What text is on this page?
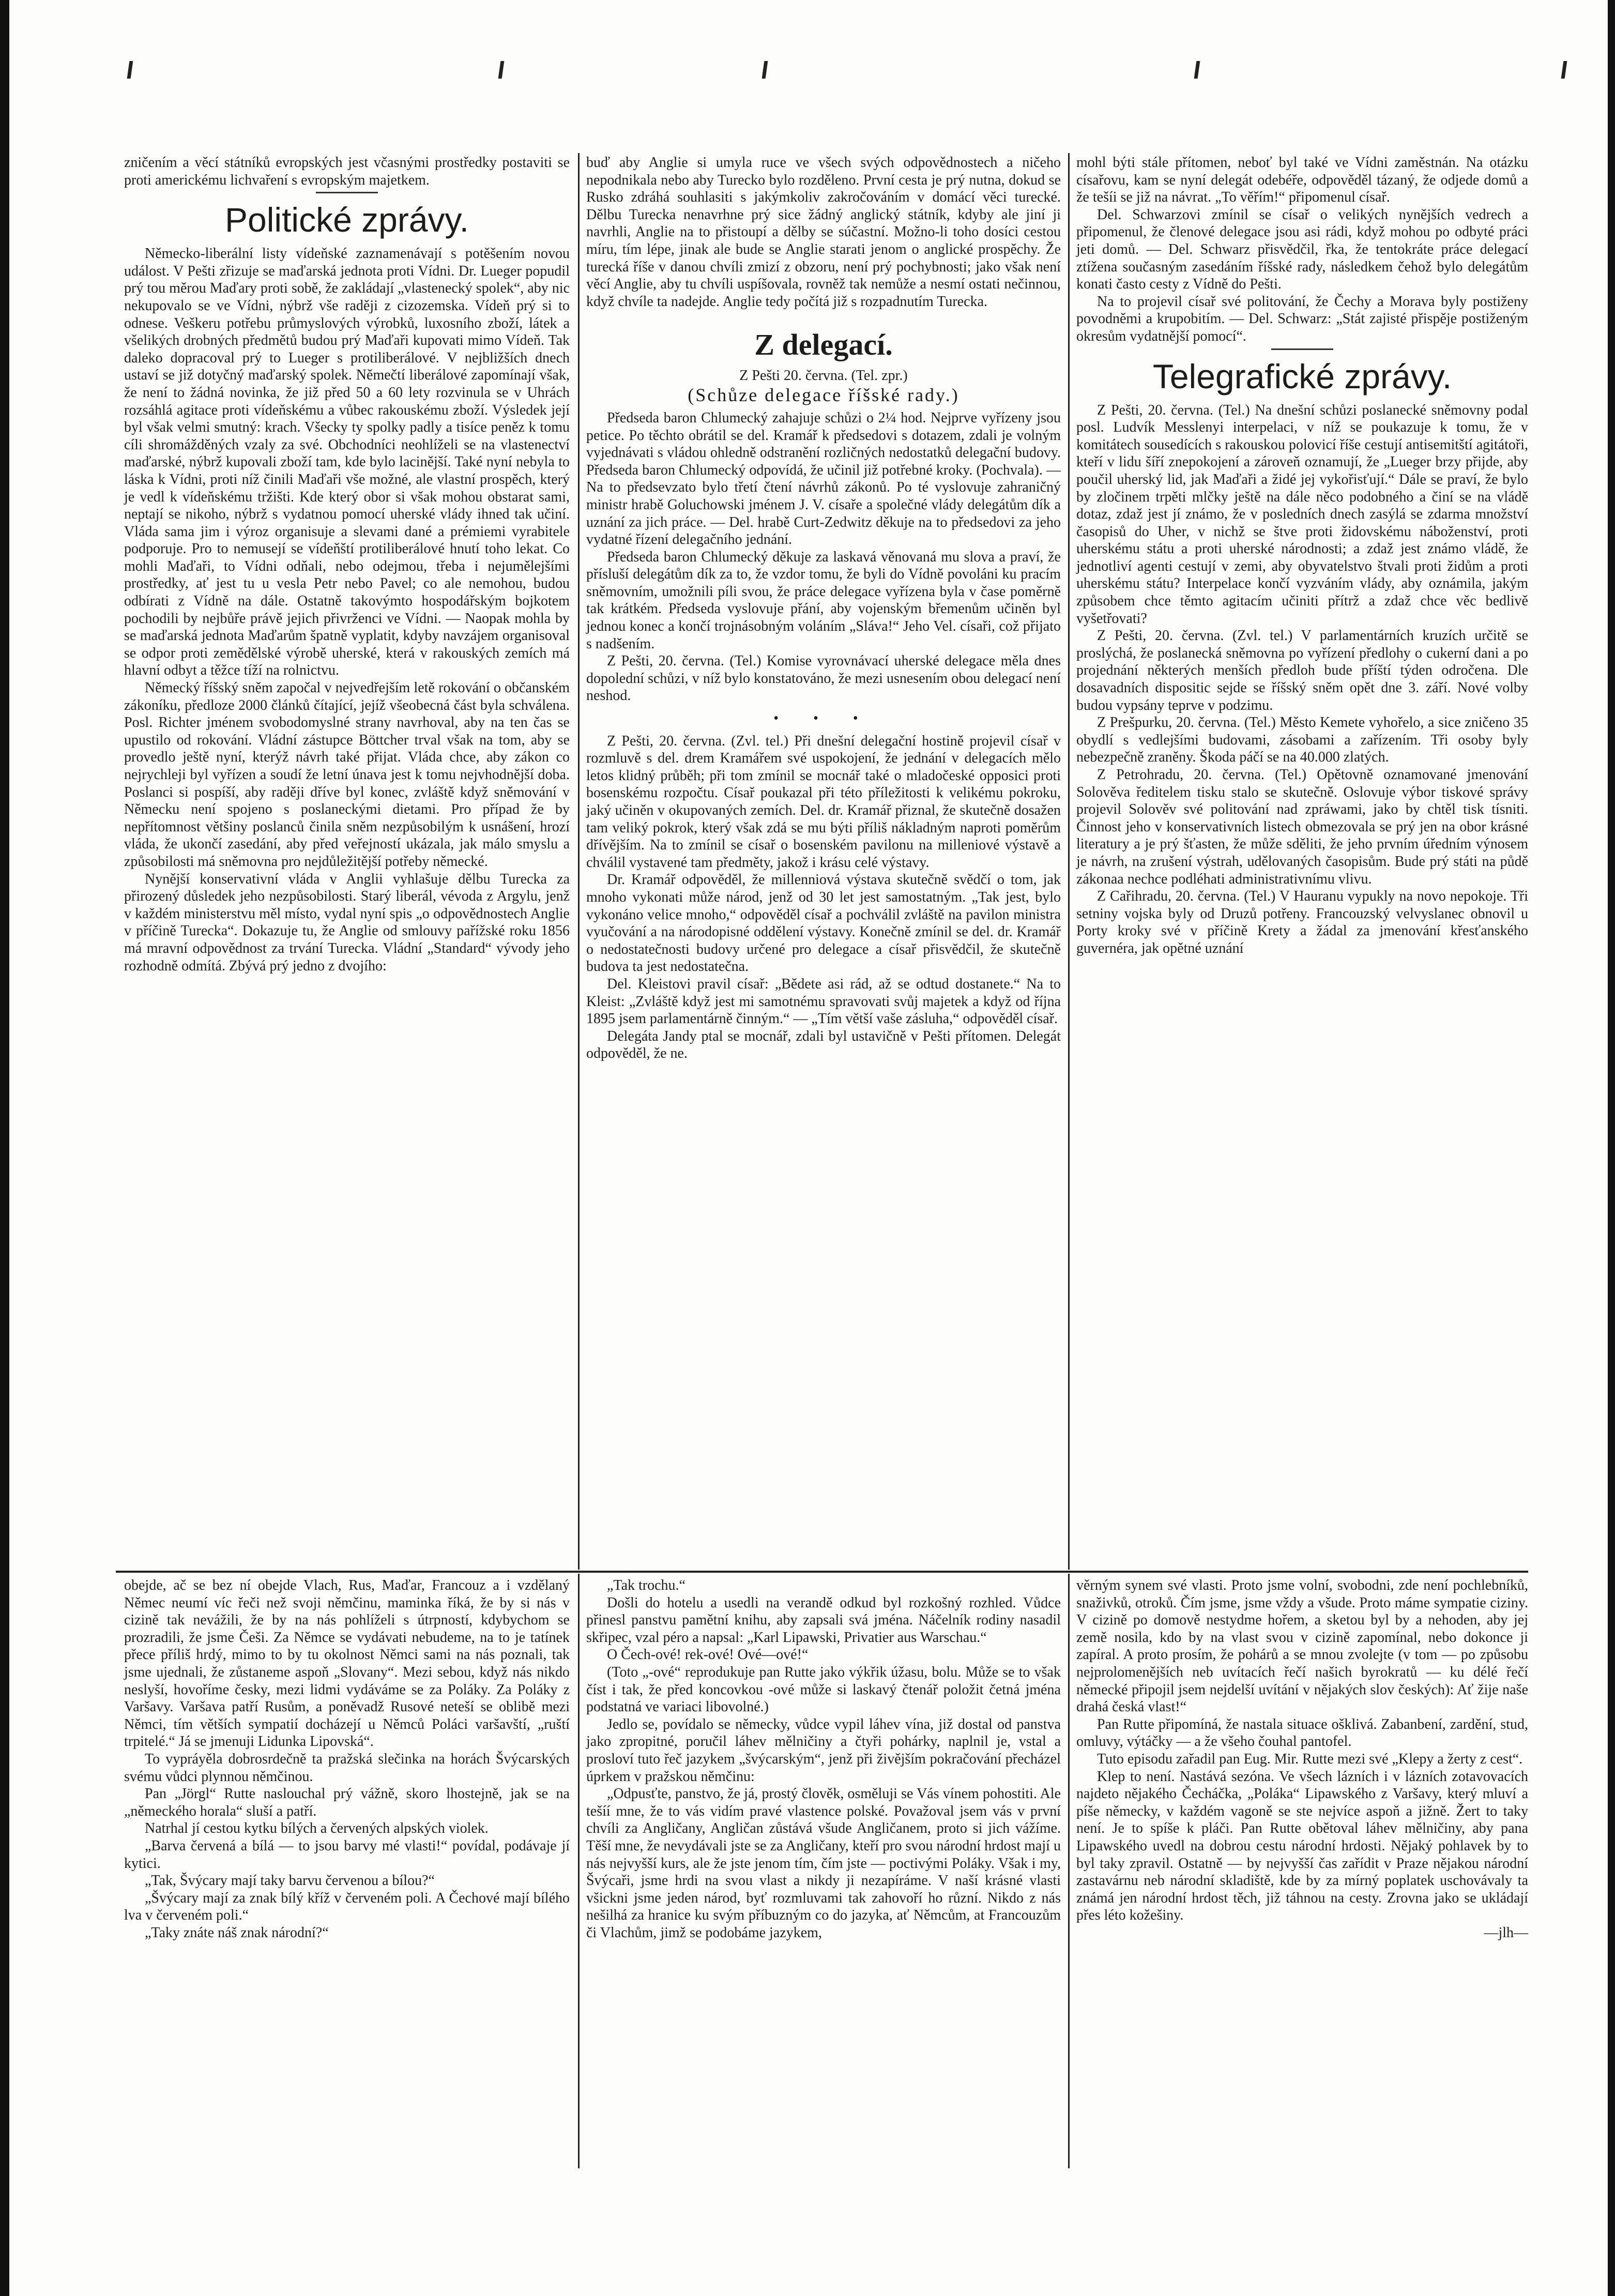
zničením a věcí státníků evropských jest včasnými prostředky postaviti se proti americkému lichvaření s evropským majetkem.

Politické zprávy.

Německo-liberální listy vídeňské zaznamenávají s potěšením novou událost. V Pešti zřizuje se maďarská jednota proti Vídni. Dr. Lueger popudil prý tou měrou Maďary proti sobě, že zakládají „vlastenecký spolek“, aby nic nekupovalo se ve Vídni, nýbrž vše raději z cizozemska. Vídeň prý si to odnese. Veškeru potřebu průmyslových výrobků, luxosního zboží, látek a všelikých drobných předmětů budou prý Maďaři kupovati mimo Vídeň. Tak daleko dopracoval prý to Lueger s protiliberálové. V nejbližších dnech ustaví se již dotyčný maďarský spolek. Němečtí liberálové zapomínají však, že není to žádná novinka, že již před 50 a 60 lety rozvinula se v Uhrách rozsáhlá agitace proti vídeňskému a vůbec rakouskému zboží. Výsledek její byl však velmi smutný: krach. Všecky ty spolky padly a tisíce peněz k tomu cíli shromážděných vzaly za své. Obchodníci neohlíželi se na vlastenectví maďarské, nýbrž kupovali zboží tam, kde bylo lacinější. Také nyní nebyla to láska k Vídni, proti níž činili Maďaři vše možné, ale vlastní prospěch, který je vedl k vídeňskému tržišti. Kde který obor si však mohou obstarat sami, neptají se nikoho, nýbrž s vydatnou pomocí uherské vlády ihned tak učiní. Vláda sama jim i výroz organisuje a slevami dané a prémiemi vyrabitele podporuje. Pro to nemusejí se vídeňští protiliberálové hnutí toho lekat. Co mohli Maďaři, to Vídni odňali, nebo odejmou, třeba i nejumělejšími prostředky, ať jest tu u vesla Petr nebo Pavel; co ale nemohou, budou odbírati z Vídně na dále. Ostatně takovýmto hospodářským bojkotem pochodili by nejbůře právě jejich přivrženci ve Vídni. — Naopak mohla by se maďarská jednota Maďarům špatně vyplatit, kdyby navzájem organisoval se odpor proti zemědělské výrobě uherské, která v rakouských zemích má hlavní odbyt a těžce tíží na rolnictvu.

Německý říšský sněm započal v nejvedřejším letě rokování o občanském zákoníku, předloze 2000 článků čítající, jejíž všeobecná část byla schválena. Posl. Richter jménem svobodomyslné strany navrhoval, aby na ten čas se upustilo od rokování. Vládní zástupce Böttcher trval však na tom, aby se provedlo ještě nyní, kterýž návrh také přijat. Vláda chce, aby zákon co nejrychleji byl vyřízen a soudí že letní únava jest k tomu nejvhodnější doba. Poslanci si pospíší, aby raději dříve byl konec, zvláště když sněmování v Německu není spojeno s poslaneckými dietami. Pro případ že by nepřítomnost většiny poslanců činila sněm nezpůsobilým k usnášení, hrozí vláda, že ukončí zasedání, aby před veřejností ukázala, jak málo smyslu a způsobilosti má sněmovna pro nejdůležitější potřeby německé.

Nynější konservativní vláda v Anglii vyhlašuje dělbu Turecka za přirozený důsledek jeho nezpůsobilosti. Starý liberál, vévoda z Argylu, jenž v každém ministerstvu měl místo, vydal nyní spis „o odpovědnostech Anglie v příčině Turecka“. Dokazuje tu, že Anglie od smlouvy pařížské roku 1856 má mravní odpovědnost za trvání Turecka. Vládní „Standard“ vývody jeho rozhodně odmítá. Zbývá prý jedno z dvojího:

buď aby Anglie si umyla ruce ve všech svých odpovědnostech a ničeho nepodnikala nebo aby Turecko bylo rozděleno. První cesta je prý nutna, dokud se Rusko zdráhá souhlasiti s jakýmkoliv zakročováním v domácí věci turecké. Dělbu Turecka nenavrhne prý sice žádný anglický státník, kdyby ale jiní ji navrhli, Anglie na to přistoupí a dělby se súčastní. Možno-li toho dosíci cestou míru, tím lépe, jinak ale bude se Anglie starati jenom o anglické prospěchy. Že turecká říše v danou chvíli zmizí z obzoru, není prý pochybnosti; jako však není věcí Anglie, aby tu chvíli uspíšovala, rovněž tak nemůže a nesmí ostati nečinnou, když chvíle ta nadejde. Anglie tedy počítá již s rozpadnutím Turecka.

Z delegací.

Z Pešti 20. června. (Tel. zpr.)

(Schůze delegace říšské rady.)

Předseda baron Chlumecký zahajuje schůzi o 2¼ hod. Nejprve vyřízeny jsou petice. Po těchto obrátil se del. Kramář k předsedovi s dotazem, zdali je volným vyjednávati s vládou ohledně odstranění rozličných nedostatků delegační budovy. Předseda baron Chlumecký odpovídá, že učinil již potřebné kroky. (Pochvala). — Na to předsevzato bylo třetí čtení návrhů zákonů. Po té vyslovuje zahraničný ministr hrabě Goluchowski jménem J. V. císaře a společné vlády delegátům dík a uznání za jich práce. — Del. hrabě Curt-Zedwitz děkuje na to předsedovi za jeho vydatné řízení delegačního jednání.

Předseda baron Chlumecký děkuje za laskavá věnovaná mu slova a praví, že přísluší delegátům dík za to, že vzdor tomu, že byli do Vídně povoláni ku pracím sněmovním, umožnili píli svou, že práce delegace vyřízena byla v čase poměrně tak krátkém. Předseda vyslovuje přání, aby vojenským břemenům učiněn byl jednou konec a končí trojnásobným voláním „Sláva!“ Jeho Vel. císaři, což přijato s nadšením.

Z Pešti, 20. června. (Tel.) Komise vyrovnávací uherské delegace měla dnes dopolední schůzi, v níž bylo konstatováno, že mezi usnesením obou delegací není neshod.

• • •

Z Pešti, 20. června. (Zvl. tel.) Při dnešní delegační hostině projevil císař v rozmluvě s del. drem Kramářem své uspokojení, že jednání v delegacích mělo letos klidný průběh; při tom zmínil se mocnář také o mladočeské opposici proti bosenskému rozpočtu. Císař poukazal při této příležitosti k velikému pokroku, jaký učiněn v okupovaných zemích. Del. dr. Kramář přiznal, že skutečně dosažen tam veliký pokrok, který však zdá se mu býti příliš nákladným naproti poměrům dřívějším. Na to zmínil se císař o bosenském pavilonu na milleniové výstavě a chválil vystavené tam předměty, jakož i krásu celé výstavy.

Dr. Kramář odpověděl, že millenniová výstava skutečně svědčí o tom, jak mnoho vykonati může národ, jenž od 30 let jest samostatným. „Tak jest, bylo vykonáno velice mnoho,“ odpověděl císař a pochválil zvláště na pavilon ministra vyučování a na národopisné oddělení výstavy. Konečně zmínil se del. dr. Kramář o nedostatečnosti budovy určené pro delegace a císař přisvědčil, že skutečně budova ta jest nedostatečna.

Del. Kleistovi pravil císař: „Bědete asi rád, až se odtud dostanete.“ Na to Kleist: „Zvláště když jest mi samotnému spravovati svůj majetek a když od října 1895 jsem parlamentárně činným.“ — „Tím větší vaše zásluha,“ odpověděl císař.

Delegáta Jandy ptal se mocnář, zdali byl ustavičně v Pešti přítomen. Delegát odpověděl, že ne.

mohl býti stále přítomen, neboť byl také ve Vídni zaměstnán. Na otázku císařovu, kam se nyní delegát odebéře, odpověděl tázaný, že odjede domů a že tešíi se již na návrat. „To věřím!“ připomenul císař.

Del. Schwarzovi zmínil se císař o velikých nynějších vedrech a připomenul, že členové delegace jsou asi rádi, když mohou po odbyté práci jeti domů. — Del. Schwarz přisvědčil, řka, že tentokráte práce delegací ztížena současným zasedáním říšské rady, následkem čehož bylo delegátům konati často cesty z Vídně do Pešti.

Na to projevil císař své politování, že Čechy a Morava byly postiženy povodněmi a krupobitím. — Del. Schwarz: „Stát zajisté přispěje postiženým okresům vydatnější pomocí“.

Telegrafické zprávy.

Z Pešti, 20. června. (Tel.) Na dnešní schůzi poslanecké sněmovny podal posl. Ludvík Messlenyi interpelaci, v níž se poukazuje k tomu, že v komitátech sousedících s rakouskou polovicí říše cestují antisemitští agitátoři, kteří v lidu šíří znepokojení a zároveň oznamují, že „Lueger brzy přijde, aby poučil uherský lid, jak Maďaři a židé jej vykořisťují.“ Dále se praví, že bylo by zločinem trpěti mlčky ještě na dále něco podobného a činí se na vládě dotaz, zdaž jest jí známo, že v posledních dnech zasýlá se zdarma množství časopisů do Uher, v nichž se štve proti židovskému náboženství, proti uherskému státu a proti uherské národnosti; a zdaž jest známo vládě, že jednotliví agenti cestují v zemi, aby obyvatelstvo štvali proti židům a proti uherskému státu? Interpelace končí vyzváním vlády, aby oznámila, jakým způsobem chce těmto agitacím učiniti přítrž a zdaž chce věc bedlivě vyšetřovati?

Z Pešti, 20. června. (Zvl. tel.) V parlamentárních kruzích určitě se proslýchá, že poslanecká sněmovna po vyřízení předlohy o cukerní dani a po projednání některých menších předloh bude příští týden odročena. Dle dosavadních dispositic sejde se říšský sněm opět dne 3. září. Nové volby budou vypsány teprve v podzimu.

Z Prešpurku, 20. června. (Tel.) Město Kemete vyhořelo, a sice zničeno 35 obydlí s vedlejšími budovami, zásobami a zařízením. Tři osoby byly nebezpečně zraněny. Škoda páčí se na 40.000 zlatých.

Z Petrohradu, 20. června. (Tel.) Opětovně oznamované jmenování Solověva ředitelem tisku stalo se skutečně. Oslovuje výbor tiskové správy projevil Solověv své politování nad zpráwami, jako by chtěl tisk tísniti. Činnost jeho v konservativních listech obmezovala se prý jen na obor krásné literatury a je prý šťasten, že může sděliti, že jeho prvním úředním výnosem je návrh, na zrušení výstrah, udělovaných časopisům. Bude prý státi na půdě zákonaa nechce podléhati administrativnímu vlivu.

Z Cařihradu, 20. června. (Tel.) V Hauranu vypukly na novo nepokoje. Tři setniny vojska byly od Druzů potřeny. Francouzský velvyslanec obnovil u Porty kroky své v příčině Krety a žádal za jmenování křesťanského guvernéra, jak opětné uznání

obejde, ač se bez ní obejde Vlach, Rus, Maďar, Francouz a i vzdělaný Němec neumí víc řeči než svoji němčinu, maminka říká, že by si nás v cizině tak nevážili, že by na nás pohlíželi s útrpností, kdybychom se prozradili, že jsme Češi. Za Němce se vydávati nebudeme, na to je tatínek přece příliš hrdý, mimo to by tu okolnost Němci sami na nás poznali, tak jsme ujednali, že zůstaneme aspoň „Slovany“. Mezi sebou, když nás nikdo neslyší, hovoříme česky, mezi lidmi vydáváme se za Poláky. Za Poláky z Varšavy. Varšava patří Rusům, a poněvadž Rusové neteší se oblibě mezi Němci, tím větších sympatií docházejí u Němců Poláci varšavští, „ruští trpitelé.“ Já se jmenuji Lidunka Lipovská“.

To vypráyěla dobrosrdečně ta pražská slečinka na horách Švýcarských svému vůdci plynnou němčinou.

Pan „Jörgl“ Rutte naslouchal prý vážně, skoro lhostejně, jak se na „německého horala“ sluší a patří.

Natrhal jí cestou kytku bílých a červených alpských violek.

„Barva červená a bílá — to jsou barvy mé vlasti!“ povídal, podávaje jí kytici.

„Tak, Švýcary mají taky barvu červenou a bílou?“

„Švýcary mají za znak bílý kříž v červeném poli. A Čechové mají bílého lva v červeném poli.“

„Taky znáte náš znak národní?“

„Tak trochu.“

Došli do hotelu a usedli na verandě odkud byl rozkošný rozhled. Vůdce přinesl panstvu pamětní knihu, aby zapsali svá jména. Náčelník rodiny nasadil skřipec, vzal péro a napsal: „Karl Lipawski, Privatier aus Warschau.“

O Čech-ové! rek-ové! Ové—ové!“

(Toto „-ové“ reprodukuje pan Rutte jako výkřik úžasu, bolu. Může se to však číst i tak, že před koncovkou -ové může si laskavý čtenář položit četná jména podstatná ve variaci libovolné.)

Jedlo se, povídalo se německy, vůdce vypil láhev vína, již dostal od panstva jako zpropitné, poručil láhev mělničiny a čtyři pohárky, naplnil je, vstal a prosloví tuto řeč jazykem „švýcarským“, jenž při živějším pokračování přecházel úprkem v pražskou němčinu:

„Odpusťte, panstvo, že já, prostý člověk, osměluji se Vás vínem pohostiti. Ale tešíí mne, že to vás vidím pravé vlastence polské. Považoval jsem vás v první chvíli za Angličany, Angličan zůstává všude Angličanem, proto si jich vážíme. Těší mne, že nevydávali jste se za Angličany, kteří pro svou národní hrdost mají u nás nejvyšší kurs, ale že jste jenom tím, čím jste — poctivými Poláky. Však i my, Švýcaři, jsme hrdi na svou vlast a nikdy ji nezapíráme. V naší krásné vlasti všickni jsme jeden národ, byť rozmluvami tak zahovoří ho různí. Nikdo z nás nešilhá za hranice ku svým příbuzným co do jazyka, ať Němcům, at Francouzům či Vlachům, jimž se podobáme jazykem,

věrným synem své vlasti. Proto jsme volní, svobodni, zde není pochlebníků, snaživků, otroků. Čím jsme, jsme vždy a všude. Proto máme sympatie ciziny. V cizině po domově nestydme hořem, a sketou byl by a nehoden, aby jej země nosila, kdo by na vlast svou v cizině zapomínal, nebo dokonce ji zapíral. A proto prosím, že pohárů a se mnou zvolejte (v tom — po způsobu nejprolomenějších neb uvítacích řečí našich byrokratů — ku délé řečí německé připojil jsem nejdelší uvítání v nějakých slov českých): Ať žije naše drahá česká vlast!“

Pan Rutte připomíná, že nastala situace ošklivá. Zabanbení, zardění, stud, omluvy, výtáčky — a že všeho čouhal pantofel.

Tuto episodu zařadil pan Eug. Mir. Rutte mezi své „Klepy a žerty z cest“.

Klep to není. Nastává sezóna. Ve všech lázních i v lázních zotavovacích najdeto nějakého Čecháčka, „Poláka“ Lipawského z Varšavy, který mluví a píše německy, v každém vagoně se ste nejvíce aspoň a jižně. Žert to taky není. Je to spíše k pláči. Pan Rutte obětoval láhev mělničiny, aby pana Lipawského uvedl na dobrou cestu národní hrdosti. Nějaký pohlavek by to byl taky zpravil. Ostatně — by nejvyšší čas zařídit v Praze nějakou národní zastavárnu neb národní skladiště, kde by za mírný poplatek uschovávaly ta známá jen národní hrdost těch, již táhnou na cesty. Zrovna jako se ukládají přes léto kožešiny.

—jlh—
